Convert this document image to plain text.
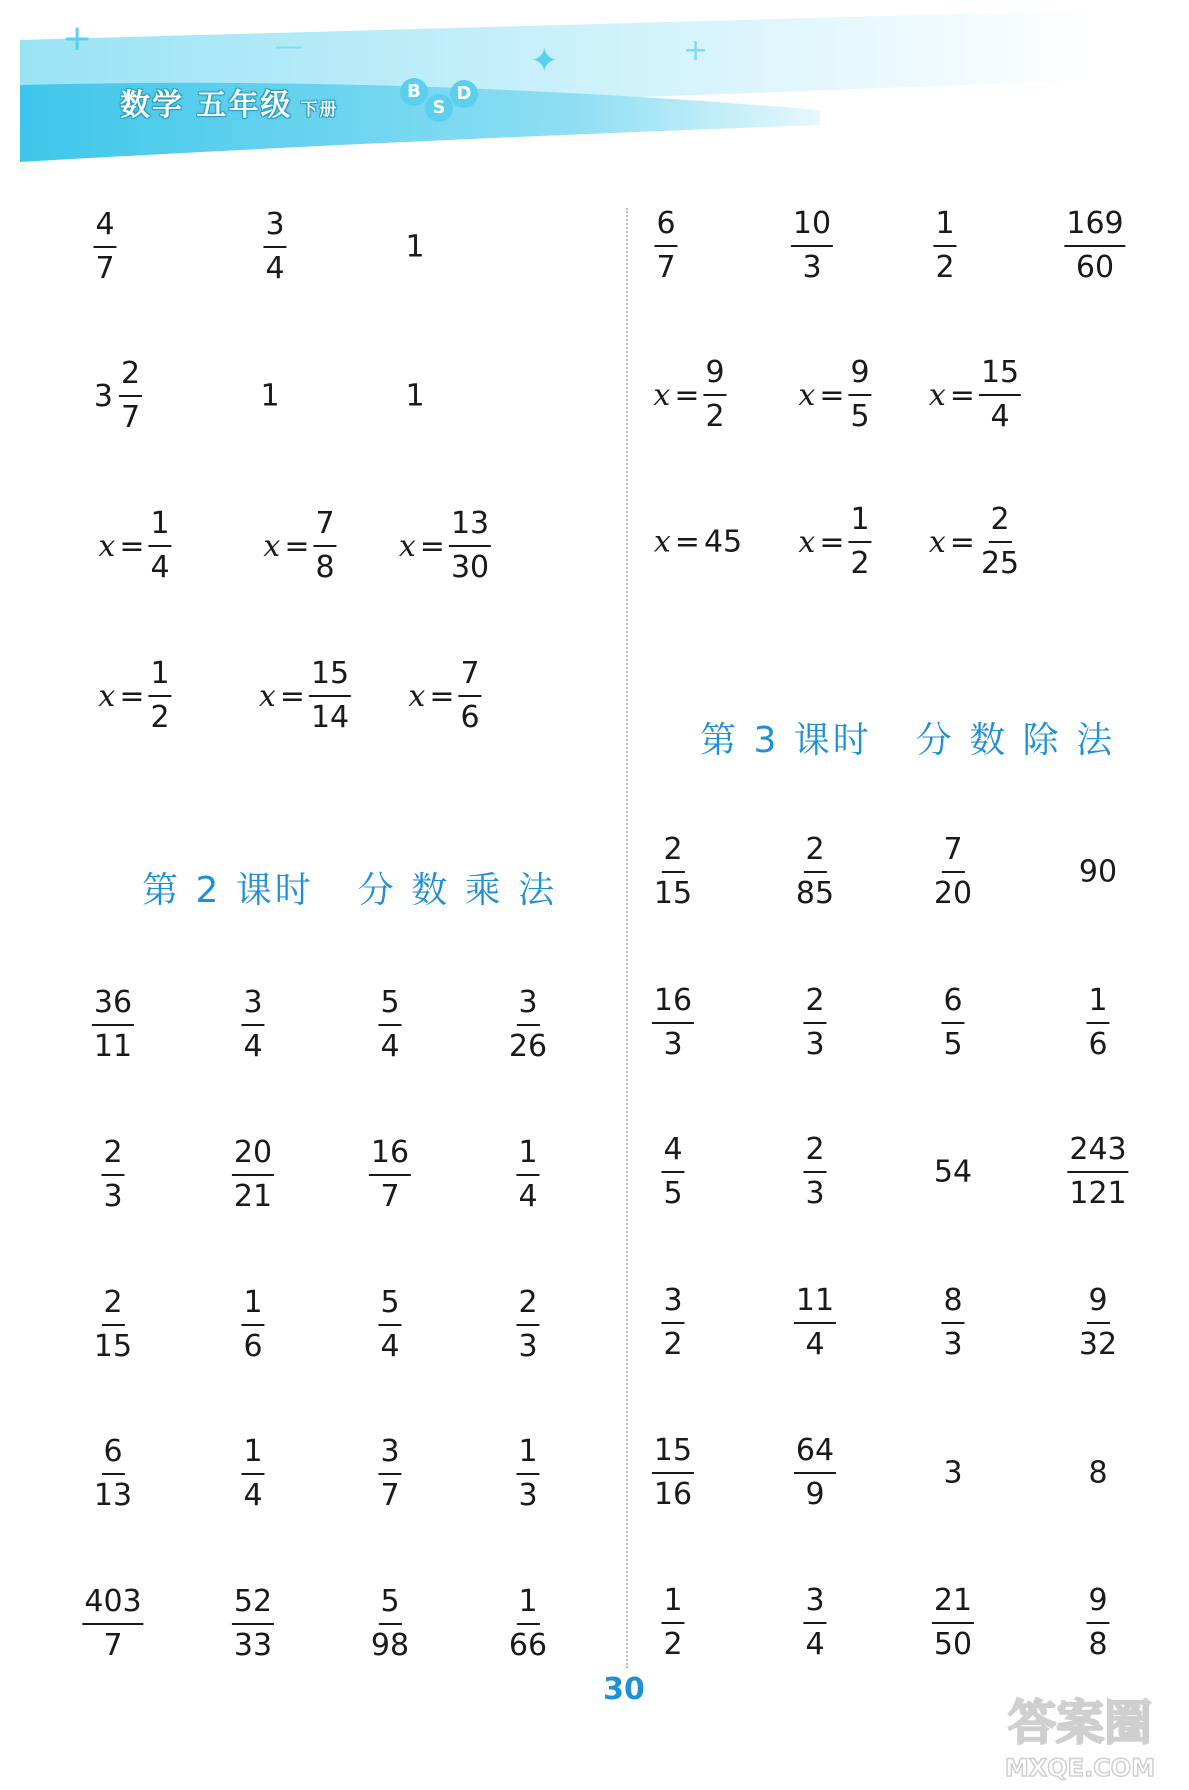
+	—	✦	+
数学 五年级 下册
B
S
D
$\frac{4}{7}$	$\frac{3}{4}$	1
$3 \frac{2}{7}$	1	1
$x = \frac{1}{4}$	$x = \frac{7}{8}$ $x = \frac{13}{30}$
$x = \frac{1}{2}$	$x = \frac{15}{14}$ $x = \frac{7}{6}$
$\frac{36}{11}$	$\frac{3}{4}$	$\frac{5}{4}$	$\frac{3}{26}$
$\frac{2}{3}$	$\frac{20}{21}$	$\frac{16}{7}$	$\frac{1}{4}$
$\frac{2}{15}$	$\frac{1}{6}$	$\frac{5}{4}$	$\frac{2}{3}$
$\frac{6}{13}$	$\frac{1}{4}$	$\frac{3}{7}$	$\frac{1}{3}$
$\frac{403}{7}$	$\frac{52}{33}$	$\frac{5}{98}$	$\frac{1}{66}$
$\frac{6}{7}$	$\frac{10}{3}$	$\frac{1}{2}$	$\frac{169}{60}$
$x = \frac{9}{2}$ $x = \frac{9}{5}$ $x = \frac{15}{4}$
x = 45 $x = \frac{1}{2}$ $x = \frac{2}{25}$
$\frac{2}{15}$	$\frac{2}{85}$	$\frac{7}{20}$	90
$\frac{16}{3}$	$\frac{2}{3}$	$\frac{6}{5}$	$\frac{1}{6}$
$\frac{4}{5}$	$\frac{2}{3}$	54	$\frac{243}{121}$
$\frac{3}{2}$	$\frac{11}{4}$	$\frac{8}{3}$	$\frac{9}{32}$
$\frac{15}{16}$	$\frac{64}{9}$	3	8
$\frac{1}{2}$	$\frac{3}{4}$	$\frac{21}{50}$	$\frac{9}{8}$
第 2 课时 分 数 乘 法
第 3 课时 分 数 除 法
30
答案圈
MXQE.COM
